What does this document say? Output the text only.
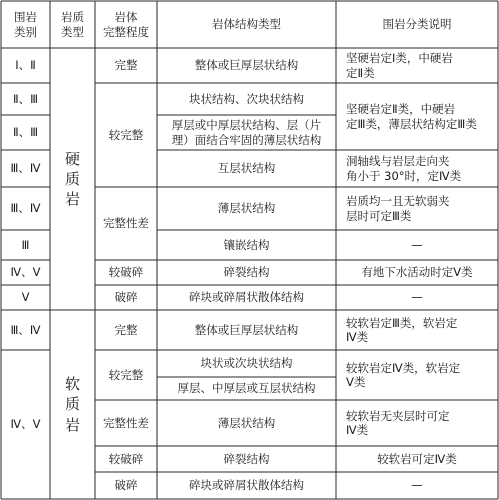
围岩
类别
岩质
类型
岩体
完整程度
岩体结构类型	围岩分类说明
硬
质
岩
软
质
岩
Ⅰ、Ⅱ
Ⅱ、Ⅲ
Ⅱ、Ⅲ
Ⅲ、Ⅳ
Ⅲ、Ⅳ
Ⅲ
Ⅳ、Ⅴ
Ⅴ
完整
较完整
完整性差
较破碎
破碎
整体或巨厚层状结构
块状结构、次块状结构
厚层或中厚层状结构、层（片
理）面结合牢固的薄层状结构
互层状结构
薄层状结构
镶嵌结构
碎裂结构
碎块或碎屑状散体结构
坚硬岩定Ⅰ类，中硬岩
定Ⅱ类
坚硬岩定Ⅱ类，中硬岩
定Ⅲ类，薄层状结构定Ⅲ类
洞轴线与岩层走向夹
角小于 30°时，定Ⅳ类
岩质均一且无软弱夹
层时可定Ⅲ类
—
有地下水活动时定Ⅴ类
—
Ⅲ、Ⅳ
Ⅳ、Ⅴ
完整
较完整
完整性差
较破碎
破碎
整体或巨厚层状结构
块状或次块状结构
厚层、中厚层或互层状结构
薄层状结构
碎裂结构
碎块或碎屑状散体结构
较软岩定Ⅲ类，软岩定
Ⅳ类
较软岩定Ⅳ类，软岩定
Ⅴ类
较软岩无夹层时可定
Ⅳ类
较软岩可定Ⅳ类
—
